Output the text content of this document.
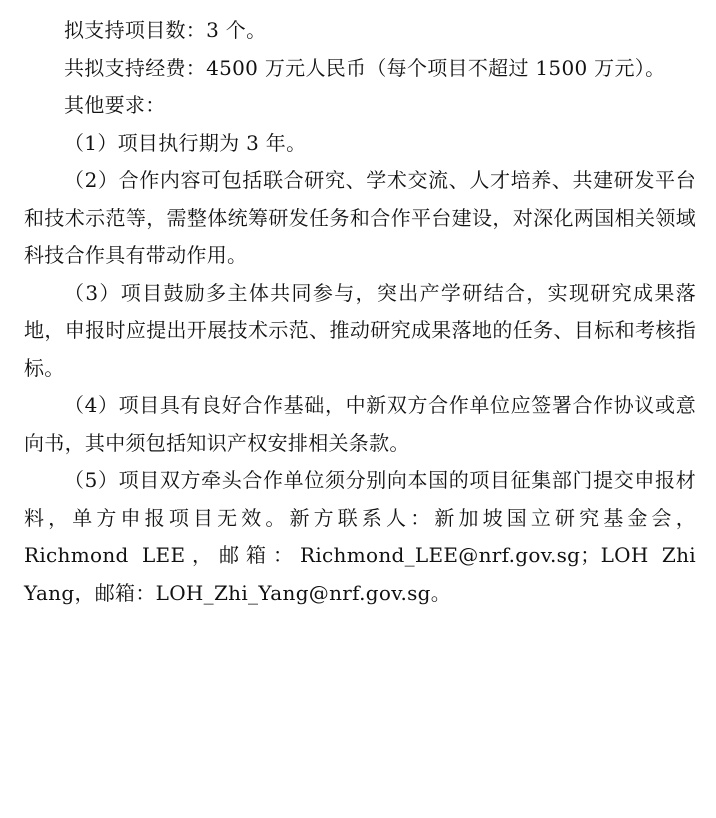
拟支持项目数：3 个。

共拟支持经费：4500 万元人民币（每个项目不超过 1500 万元）。

其他要求：

（1）项目执行期为 3 年。

（2）合作内容可包括联合研究、学术交流、人才培养、共建研发平台和技术示范等，需整体统筹研发任务和合作平台建设，对深化两国相关领域科技合作具有带动作用。

（3）项目鼓励多主体共同参与，突出产学研结合，实现研究成果落地，申报时应提出开展技术示范、推动研究成果落地的任务、目标和考核指标。

（4）项目具有良好合作基础，中新双方合作单位应签署合作协议或意向书，其中须包括知识产权安排相关条款。

（5）项目双方牵头合作单位须分别向本国的项目征集部门提交申报材料，单方申报项目无效。新方联系人：新加坡国立研究基金会，Richmond LEE，邮箱：Richmond_LEE@nrf.gov.sg；LOH Zhi Yang，邮箱：LOH_Zhi_Yang@nrf.gov.sg。
